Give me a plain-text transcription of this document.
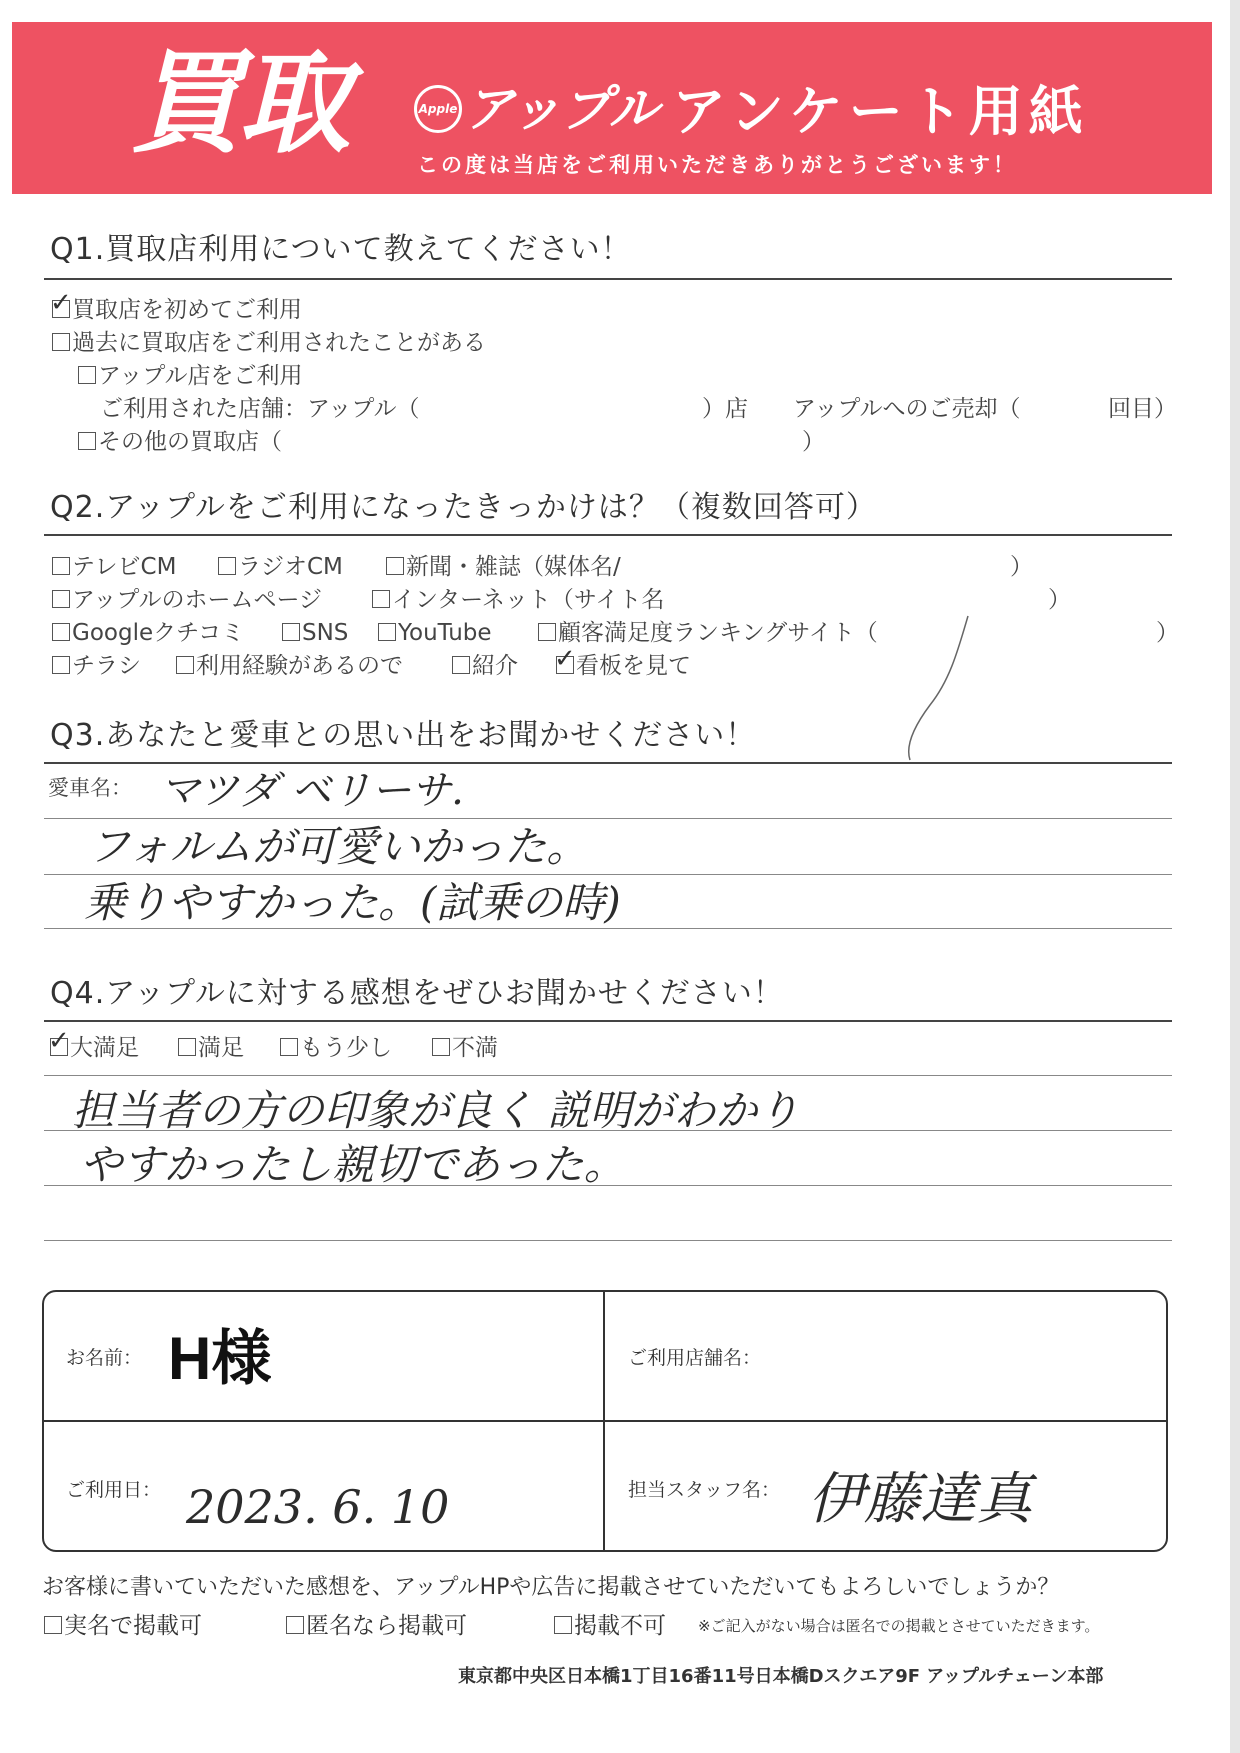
買取	Apple アップル アンケート用紙
この度は当店をご利用いただきありがとうございます！
Q1.買取店利用について教えてください！
✓買取店を初めてご利用
過去に買取店をご利用されたことがある
アップル店をご利用
ご利用された店舗：アップル（	）店 アップルへのご売却（	回目）
その他の買取店（	）
Q2.アップルをご利用になったきっかけは？（複数回答可）
テレビCM	ラジオCM	新聞・雑誌（媒体名/	）
アップルのホームページ	インターネット（サイト名	）
Googleクチコミ	SNS	YouTube	顧客満足度ランキングサイト（	）
チラシ	利用経験があるので	紹介
✓	看板を見て
Q3.あなたと愛車との思い出をお聞かせください！
愛車名： マツダ ベリーサ.
フォルムが可愛いかった。
乗りやすかった。(試乗の時)
Q4.アップルに対する感想をぜひお聞かせください！
✓大満足	満足	もう少し	不満
担当者の方の印象が良く 説明がわかり
やすかったし親切であった。
お名前： H様	ご利用店舗名：
ご利用日： 2023. 6. 10	担当スタッフ名： 伊藤達真
お客様に書いていただいた感想を、アップルHPや広告に掲載させていただいてもよろしいでしょうか？
実名で掲載可	匿名なら掲載可	掲載不可 ※ご記入がない場合は匿名での掲載とさせていただきます。
東京都中央区日本橋1丁目16番11号日本橋Dスクエア9F アップルチェーン本部
